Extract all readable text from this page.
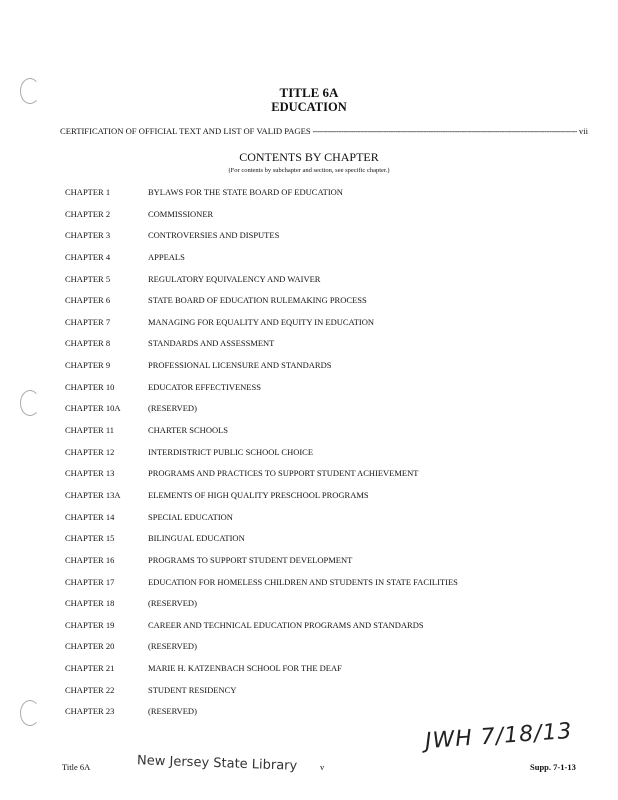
TITLE 6A
EDUCATION
CERTIFICATION OF OFFICIAL TEXT AND LIST OF VALID PAGES
-----	vii
CONTENTS BY CHAPTER
(For contents by subchapter and section, see specific chapter.)
CHAPTER 1	BYLAWS FOR THE STATE BOARD OF EDUCATION
CHAPTER 2	COMMISSIONER
CHAPTER 3	CONTROVERSIES AND DISPUTES
CHAPTER 4	APPEALS
CHAPTER 5	REGULATORY EQUIVALENCY AND WAIVER
CHAPTER 6	STATE BOARD OF EDUCATION RULEMAKING PROCESS
CHAPTER 7	MANAGING FOR EQUALITY AND EQUITY IN EDUCATION
CHAPTER 8	STANDARDS AND ASSESSMENT
CHAPTER 9	PROFESSIONAL LICENSURE AND STANDARDS
CHAPTER 10	EDUCATOR EFFECTIVENESS
CHAPTER 10A	(RESERVED)
CHAPTER 11	CHARTER SCHOOLS
CHAPTER 12	INTERDISTRICT PUBLIC SCHOOL CHOICE
CHAPTER 13	PROGRAMS AND PRACTICES TO SUPPORT STUDENT ACHIEVEMENT
CHAPTER 13A	ELEMENTS OF HIGH QUALITY PRESCHOOL PROGRAMS
CHAPTER 14	SPECIAL EDUCATION
CHAPTER 15	BILINGUAL EDUCATION
CHAPTER 16	PROGRAMS TO SUPPORT STUDENT DEVELOPMENT
CHAPTER 17	EDUCATION FOR HOMELESS CHILDREN AND STUDENTS IN STATE FACILITIES
CHAPTER 18	(RESERVED)
CHAPTER 19	CAREER AND TECHNICAL EDUCATION PROGRAMS AND STANDARDS
CHAPTER 20	(RESERVED)
CHAPTER 21	MARIE H. KATZENBACH SCHOOL FOR THE DEAF
CHAPTER 22	STUDENT RESIDENCY
CHAPTER 23	(RESERVED)
JWH 7/18/13
Title 6A	New Jersey State Library	v	Supp. 7-1-13
